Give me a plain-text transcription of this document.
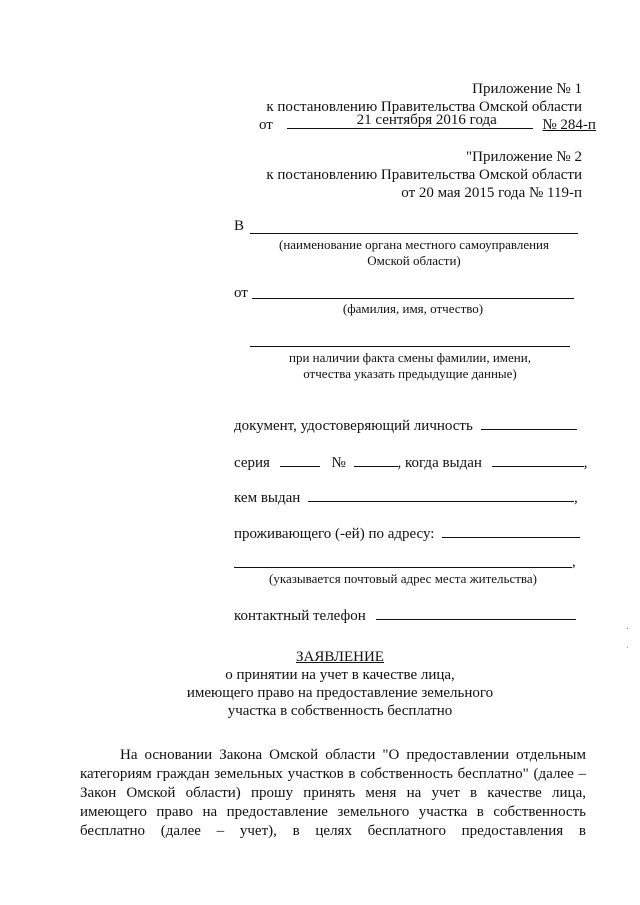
Приложение № 1
к постановлению Правительства Омской области
от	21 сентября 2016 года	№ 284-п
"Приложение № 2
к постановлению Правительства Омской области
от 20 мая 2015 года № 119-п
В
(наименование органа местного самоуправления
Омской области)
от
(фамилия, имя, отчество)
при наличии факта смены фамилии, имени,
отчества указать предыдущие данные)
документ, удостоверяющий личность
серия	№	, когда выдан	,
кем выдан	,
проживающего (-ей) по адресу:
,
(указывается почтовый адрес места жительства)
контактный телефон
ЗАЯВЛЕНИЕ
о принятии на учет в качестве лица,
имеющего право на предоставление земельного
участка в собственность бесплатно
На основании Закона Омской области "О предоставлении отдельным
категориям граждан земельных участков в собственность бесплатно" (далее –
Закон Омской области) прошу принять меня на учет в качестве лица,
имеющего право на предоставление земельного участка в собственность
бесплатно (далее – учет), в целях бесплатного предоставления в
